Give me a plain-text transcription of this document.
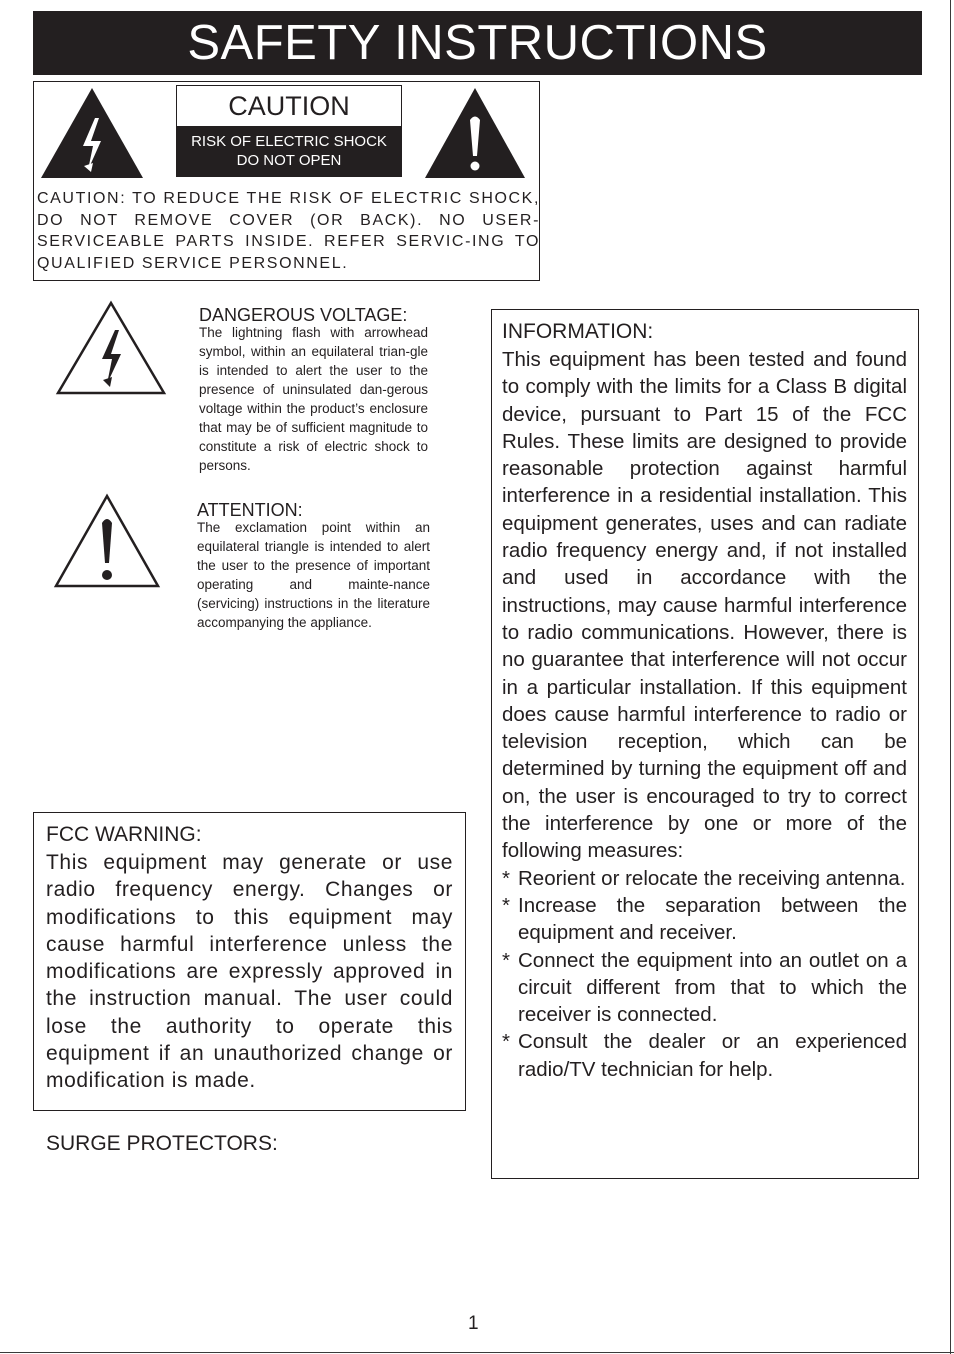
SAFETY INSTRUCTIONS
CAUTION
RISK OF ELECTRIC SHOCK
DO NOT OPEN
CAUTION: TO REDUCE THE RISK OF ELECTRIC SHOCK, DO NOT REMOVE COVER (OR BACK). NO USER-SERVICEABLE PARTS INSIDE. REFER SERVIC-ING TO QUALIFIED SERVICE PERSONNEL.
DANGEROUS VOLTAGE:
The lightning flash with arrowhead symbol, within an equilateral trian-gle is intended to alert the user to the presence of uninsulated dan-gerous voltage within the product’s enclosure that may be of sufficient magnitude to constitute a risk of electric shock to persons.
ATTENTION:
The exclamation point within an equilateral triangle is intended to alert the user to the presence of important operating and mainte-nance (servicing) instructions in the literature accompanying the appliance.
INFORMATION:

This equipment has been tested and found to comply with the limits for a Class B digital device, pursuant to Part 15 of the FCC Rules. These limits are designed to provide reasonable protection against harmful interference in a residential installation. This equipment generates, uses and can radiate radio frequency energy and, if not installed and used in accordance with the instructions, may cause harmful interference to radio communications. However, there is no guarantee that interference will not occur in a particular installation. If this equipment does cause harmful interference to radio or television reception, which can be determined by turning the equipment off and on, the user is encouraged to try to correct the interference by one or more of the following measures:

* Reorient or relocate the receiving antenna.
* Increase the separation between the equipment and receiver.
* Connect the equipment into an outlet on a circuit different from that to which the receiver is connected.
* Consult the dealer or an experienced radio/TV technician for help.
FCC WARNING:
This equipment may generate or use radio frequency energy. Changes or modifications to this equipment may cause harmful interference unless the modifications are expressly approved in the instruction manual. The user could lose the authority to operate this equipment if an unauthorized change or modification is made.
SURGE PROTECTORS:
1
